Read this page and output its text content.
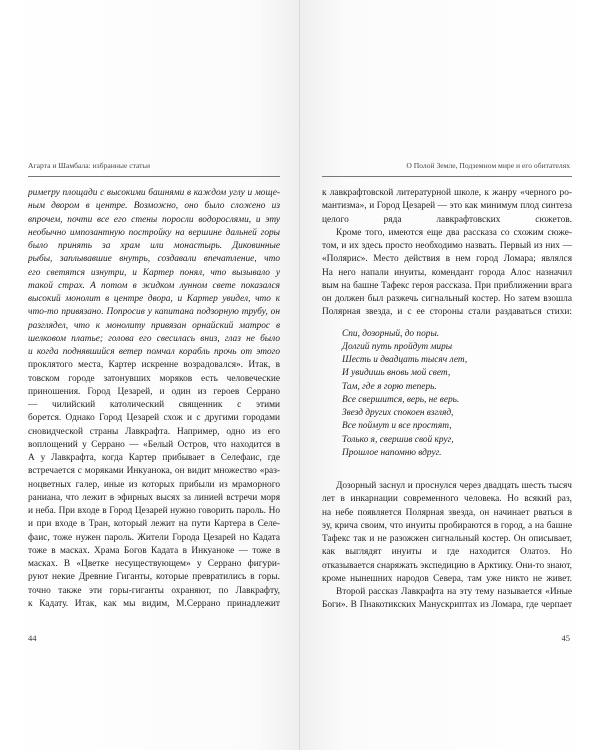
Агарта и Шамбала: избранные статьи
римеrру площади с высокими башнями в каждом углу и моще-
ным двором в центре. Возможно, оно было сложено из
впрочем, почти все его стены поросли водорослями, и эту
необычно импозантную постройку на вершине дальней горы
было принять за храм или монастырь. Диковинные
рыбы, заплывавшие внутрь, создавали впечатление, что
его светятся изнутри, и Картер понял, что вызывало у
такой страх. А потом в жидком лунном свете показался
высокий монолит в центре двора, и Картер увидел, что к
что-то привязано. Попросив у капитана подзорную трубу, он
разглядел, что к монолиту привязан орнайский матрос в
шелковом платье; голова его свесилась вниз, глаз не было
и когда поднявшийся ветер помчал корабль прочь от этого
проклятого места, Картер искренне возрадовался». Итак, в
товском городе затонувших моряков есть человеческие
приношения. Город Цезарей, и один из героев Серрано
— чилийский католический священник с этими
борется. Однако Город Цезарей схож и с другими городами
сновидческой страны Лавкрафта. Например, одно из его
воплощений у Серрано — «Белый Остров, что находится в
А у Лавкрафта, когда Картер прибывает в Селефаис, где
встречается с моряками Инкуанока, он видит множество «раз-
ноцветных галер, иные из которых прибыли из мраморного
раниана, что лежит в эфирных высях за линией встречи моря
и неба. При входе в Город Цезарей нужно говорить пароль. Но
и при входе в Тран, который лежит на пути Картера в Селе-
фаис, тоже нужен пароль. Жители Города Цезарей но Кадата
тоже в масках. Храма Богов Кадата в Инкуаноке — тоже в
масках. В «Цветке несуществующем» у Серрано фигури-
руют некие Древние Гиганты, которые превратились в горы.
точно также эти горы-гиганты охраняют, по Лавкрафту,
к Кадату. Итак, как мы видим, М.Серрано принадлежит
44
О Полой Земле, Подземном мире и его обитателях
к лавкрафтовской литературной школе, к жанру «черного ро-
мантизма», и Город Цезарей — это как минимум плод синтеза
целого ряда лавкрафтовских сюжетов.
Кроме того, имеются еще два рассказа со схожим сюже-
том, и их здесь просто необходимо назвать. Первый из них —
«Полярис». Место действия в нем город Ломара; являлся
На него напали инуиты, комендант города Алос назначил
вым на башне Тафекс героя рассказа. При приближении врага
он должен был разжечь сигнальный костер. Но затем взошла
Полярная звезда, и с ее стороны стали раздаваться стихи:
Спи, дозорный, до поры.
Долгий путь пройдут миры
Шесть и двадцать тысяч лет,
И увидишь вновь мой свет,
Там, где я горю теперь.
Все свершится, верь, не верь.
Звезд других спокоен взгляд,
Все поймут и все простят,
Только я, свершив свой круг,
Прошлое напомню вдруг.
Дозорный заснул и проснулся через двадцать шесть тысяч
лет в инкарнации современного человека. Но всякий раз,
на небе появляется Полярная звезда, он начинает рваться в
эу, крича своим, что инуиты пробираются в город, а на башне
Тафекс так и не разожжен сигнальный костер. Он описывает,
как выглядят инуиты и где находится Олатоэ. Но
отказывается снаряжать экспедицию в Арктику. Они-то знают,
кроме нынешних народов Севера, там уже никто не живет.
Второй рассказ Лавкрафта на эту тему называется «Иные
Боги». В Пнакотикских Манускриптах из Ломара, где черпает
45
